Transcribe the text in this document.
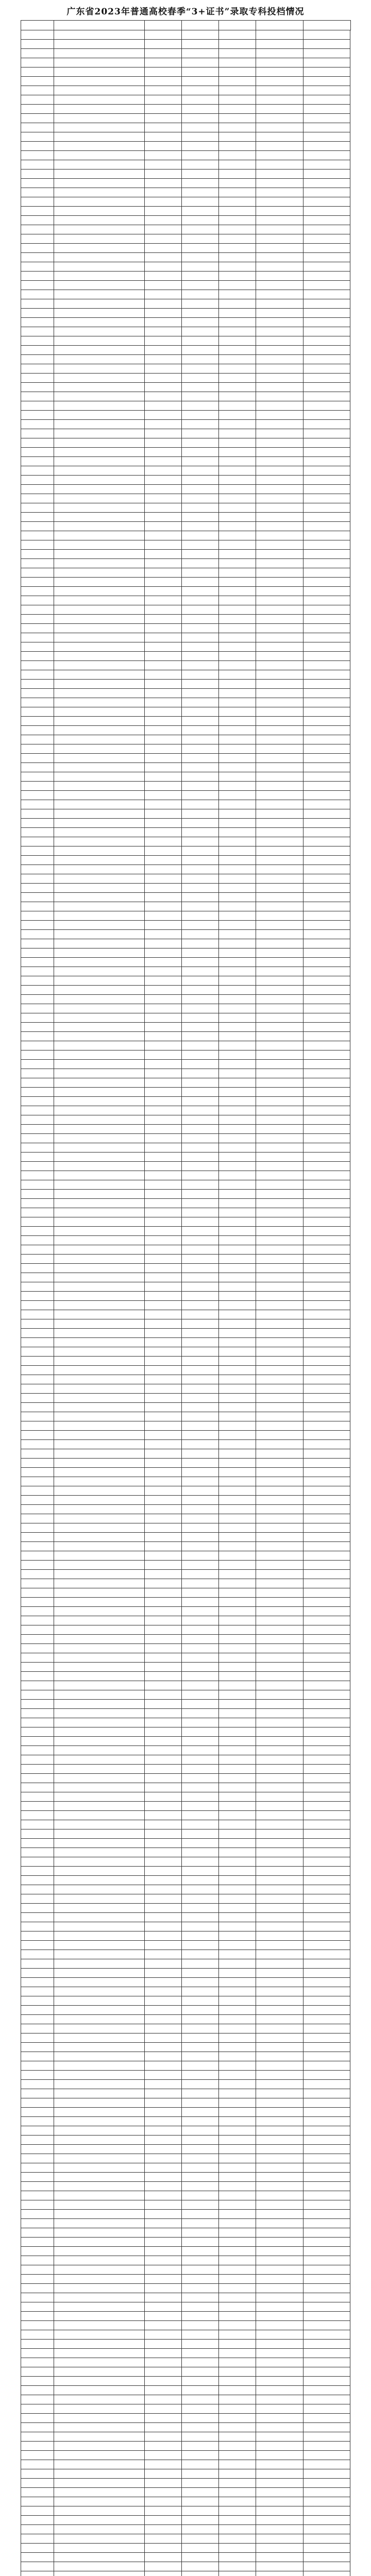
广东省2023年普通高校春季“3+证书”录取专科投档情况
